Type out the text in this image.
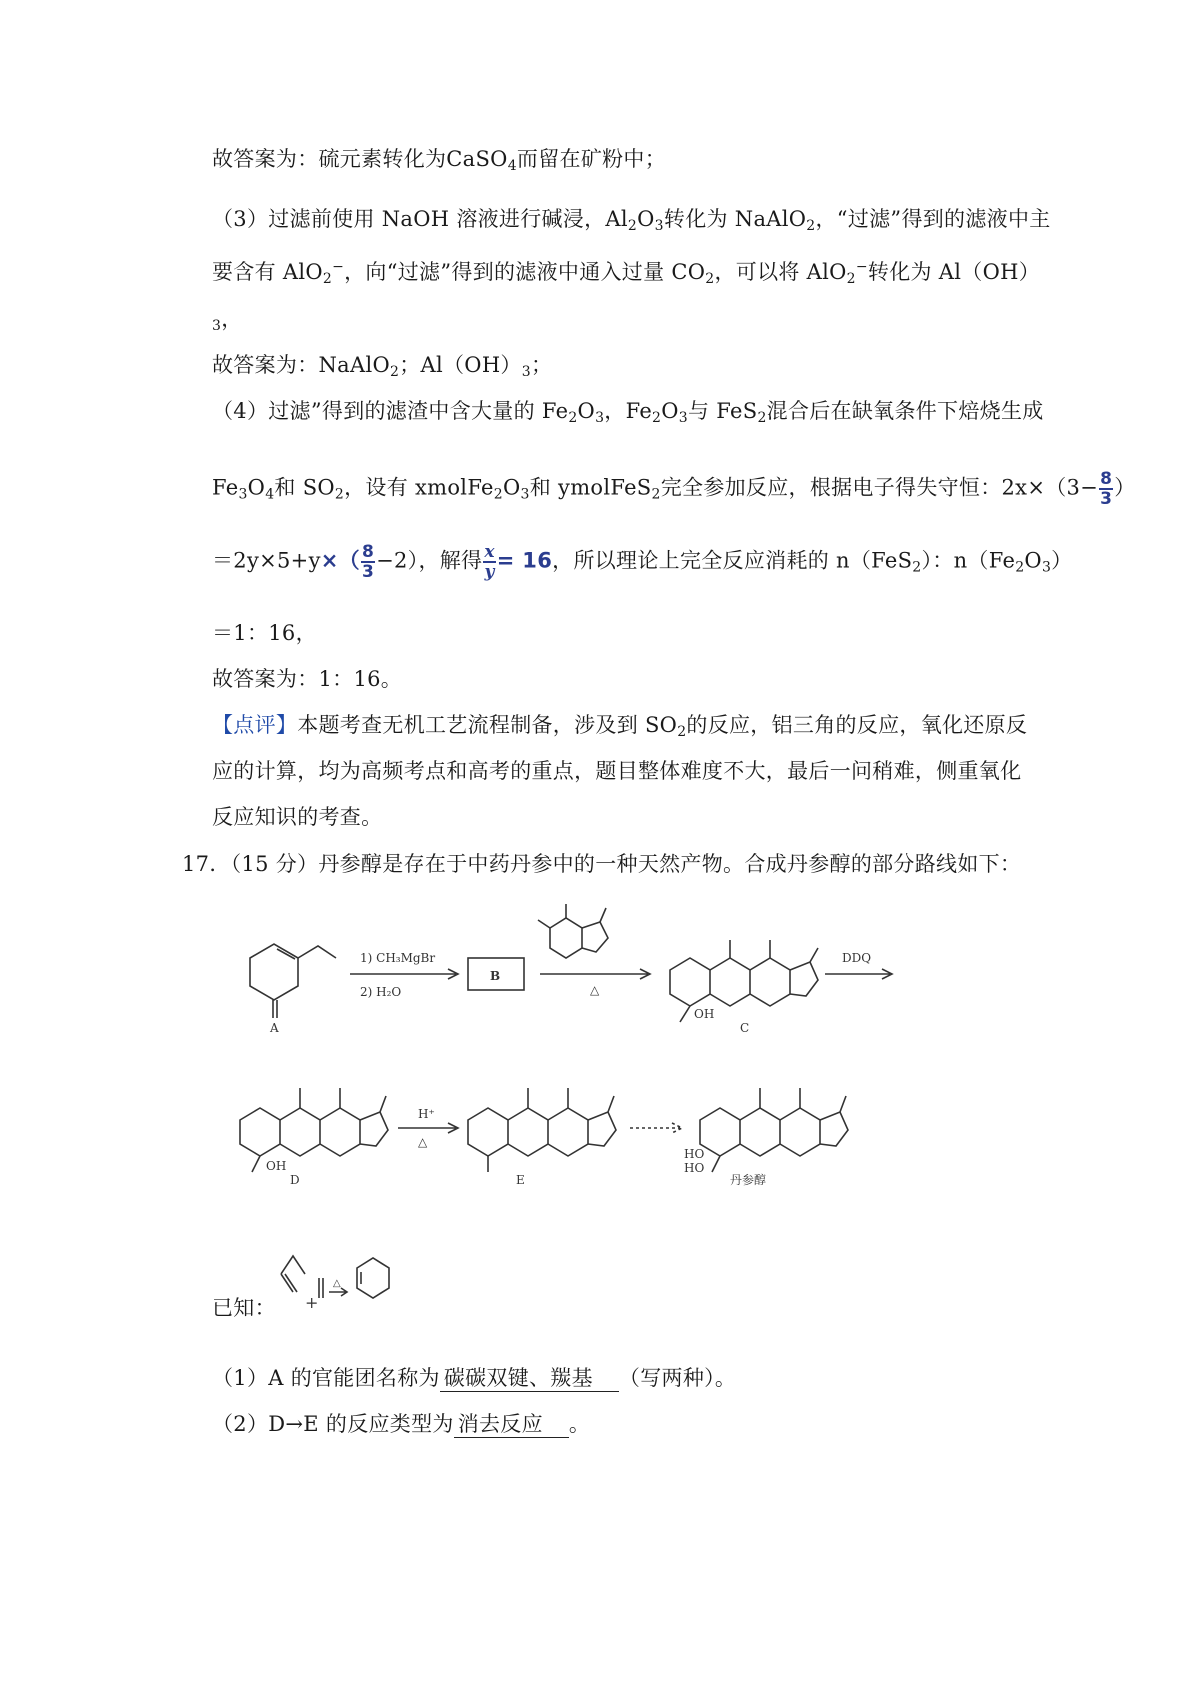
故答案为：硫元素转化为CaSO$_4$而留在矿粉中；
（3）过滤前使用 NaOH 溶液进行碱浸，$Al_2O_3$转化为 NaAlO$_2$，“过滤”得到的滤液中主
要含有 AlO$_2$−，向“过滤”得到的滤液中通入过量 $CO_2$，可以将 AlO$_2$−转化为 Al（OH）
$_3$，
故答案为：NaAlO$_2$；$Al(OH)_3$；
（4）过滤”得到的滤渣中含大量的 $Fe_2O_3$，$Fe_2O_3$与 FeS$_2$混合后在缺氧条件下焙烧生成
$Fe_3O_4$和 $SO_2$，设有 $xmolFe_2O_3$和 ymolFeS$_2$完全参加反应，根据电子得失守恒：$2x\times(3- \frac{8}{3}$ ）
$=2y\times 5+y\times( \frac{8}{3} -2)$，解得 $\frac{x}{y} = 16$，所以理论上完全反应消耗的 n（FeS$_2$）：$n(Fe_2O_3)$
＝1：16，
故答案为：1：16。
【点评】本题考查无机工艺流程制备，涉及到 $SO_2$的反应，铝三角的反应，氧化还原反
应的计算，均为高频考点和高考的重点，题目整体难度不大，最后一问稍难，侧重氧化
反应知识的考查。
17．（15 分）丹参醇是存在于中药丹参中的一种天然产物。合成丹参醇的部分路线如下：
A
1) CH₃MgBr
2) H₂O
B
△
C
OH
DDQ
D
OH
H⁺
△
E
HO
HO
丹参醇
已知： +
△
（1）A 的官能团名称为 碳碳双键、羰基 （写两种）。
（2）D→E 的反应类型为 消去反应 。
